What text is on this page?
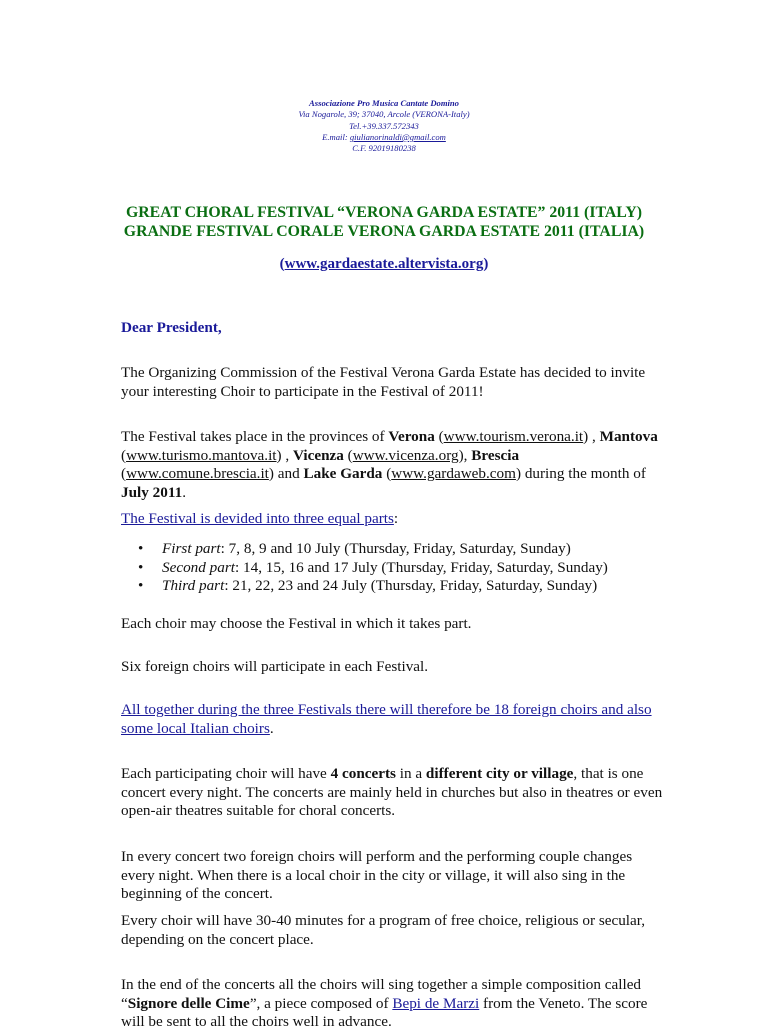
Associazione Pro Musica Cantate Domino
Via Nogarole, 39; 37040, Arcole (VERONA-Italy)
Tel.+39.337.572343
E.mail: giulianorinaldi@gmail.com
C.F. 92019180238
GREAT CHORAL FESTIVAL “VERONA GARDA ESTATE” 2011 (ITALY)
GRANDE FESTIVAL CORALE VERONA GARDA ESTATE 2011 (ITALIA)
(www.gardaestate.altervista.org)

Dear President,

The Organizing Commission of the Festival Verona Garda Estate has decided to invite your interesting Choir to participate in the Festival of 2011!

The Festival takes place in the provinces of Verona (www.tourism.verona.it) , Mantova (www.turismo.mantova.it) , Vicenza (www.vicenza.org), Brescia (www.comune.brescia.it) and Lake Garda (www.gardaweb.com) during the month of July 2011.

The Festival is devided into three equal parts:

• First part: 7, 8, 9 and 10 July (Thursday, Friday, Saturday, Sunday)
• Second part: 14, 15, 16 and 17 July (Thursday, Friday, Saturday, Sunday)
• Third part: 21, 22, 23 and 24 July (Thursday, Friday, Saturday, Sunday)

Each choir may choose the Festival in which it takes part.

Six foreign choirs will participate in each Festival.

All together during the three Festivals there will therefore be 18 foreign choirs and also some local Italian choirs.

Each participating choir will have 4 concerts in a different city or village, that is one concert every night. The concerts are mainly held in churches but also in theatres or even open-air theatres suitable for choral concerts.

In every concert two foreign choirs will perform and the performing couple changes every night. When there is a local choir in the city or village, it will also sing in the beginning of the concert.

Every choir will have 30-40 minutes for a program of free choice, religious or secular, depending on the concert place.

In the end of the concerts all the choirs will sing together a simple composition called “Signore delle Cime”, a piece composed of Bepi de Marzi from the Veneto. The score will be sent to all the choirs well in advance.
